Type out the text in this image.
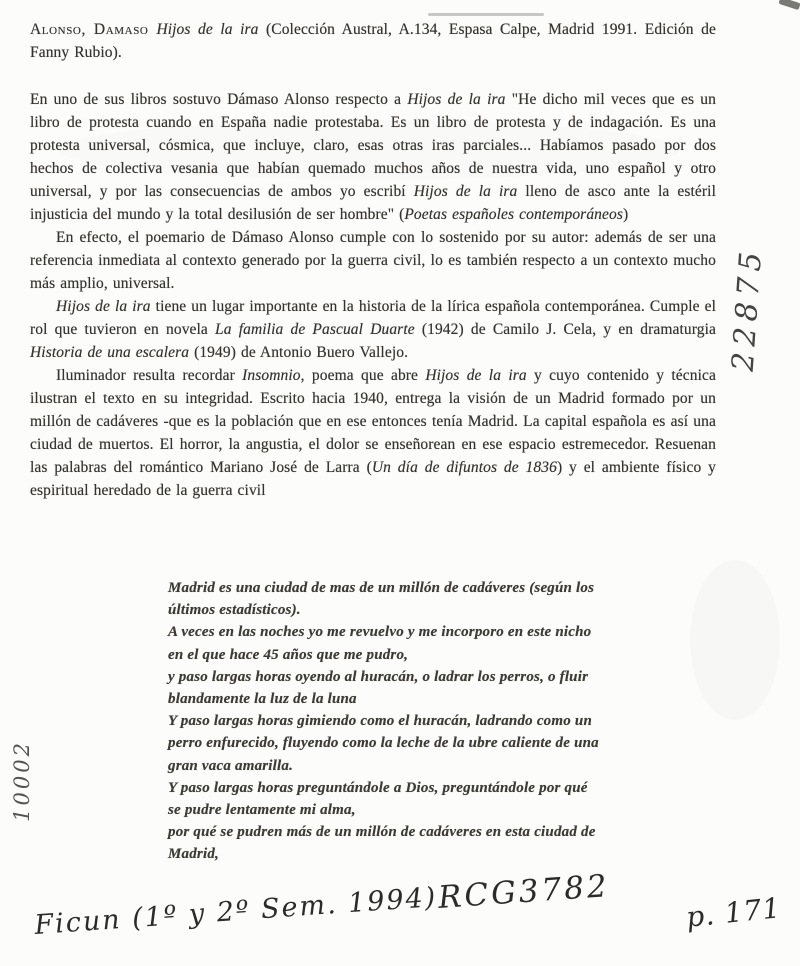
Alonso, Damaso Hijos de la ira (Colección Austral, A.134, Espasa Calpe, Madrid 1991. Edición de Fanny Rubio).

En uno de sus libros sostuvo Dámaso Alonso respecto a Hijos de la ira "He dicho mil veces que es un libro de protesta cuando en España nadie protestaba. Es un libro de protesta y de indagación. Es una protesta universal, cósmica, que incluye, claro, esas otras iras parciales... Habíamos pasado por dos hechos de colectiva vesania que habían quemado muchos años de nuestra vida, uno español y otro universal, y por las consecuencias de ambos yo escribí Hijos de la ira lleno de asco ante la estéril injusticia del mundo y la total desilusión de ser hombre" (Poetas españoles contemporáneos)

En efecto, el poemario de Dámaso Alonso cumple con lo sostenido por su autor: además de ser una referencia inmediata al contexto generado por la guerra civil, lo es también respecto a un contexto mucho más amplio, universal.

Hijos de la ira tiene un lugar importante en la historia de la lírica española contemporánea. Cumple el rol que tuvieron en novela La familia de Pascual Duarte (1942) de Camilo J. Cela, y en dramaturgia Historia de una escalera (1949) de Antonio Buero Vallejo.

Iluminador resulta recordar Insomnio, poema que abre Hijos de la ira y cuyo contenido y técnica ilustran el texto en su integridad. Escrito hacia 1940, entrega la visión de un Madrid formado por un millón de cadáveres -que es la población que en ese entonces tenía Madrid. La capital española es así una ciudad de muertos. El horror, la angustia, el dolor se enseñorean en ese espacio estremecedor. Resuenan las palabras del romántico Mariano José de Larra (Un día de difuntos de 1836) y el ambiente físico y espiritual heredado de la guerra civil

Madrid es una ciudad de mas de un millón de cadáveres (según los
últimos estadísticos).
A veces en las noches yo me revuelvo y me incorporo en este nicho
en el que hace 45 años que me pudro,
y paso largas horas oyendo al huracán, o ladrar los perros, o fluir
blandamente la luz de la luna
Y paso largas horas gimiendo como el huracán, ladrando como un
perro enfurecido, fluyendo como la leche de la ubre caliente de una
gran vaca amarilla.
Y paso largas horas preguntándole a Dios, preguntándole por qué
se pudre lentamente mi alma,
por qué se pudren más de un millón de cadáveres en esta ciudad de
Madrid,
10002
22875
RCG3782
Ficun (1º y 2º Sem. 1994)	p. 171
